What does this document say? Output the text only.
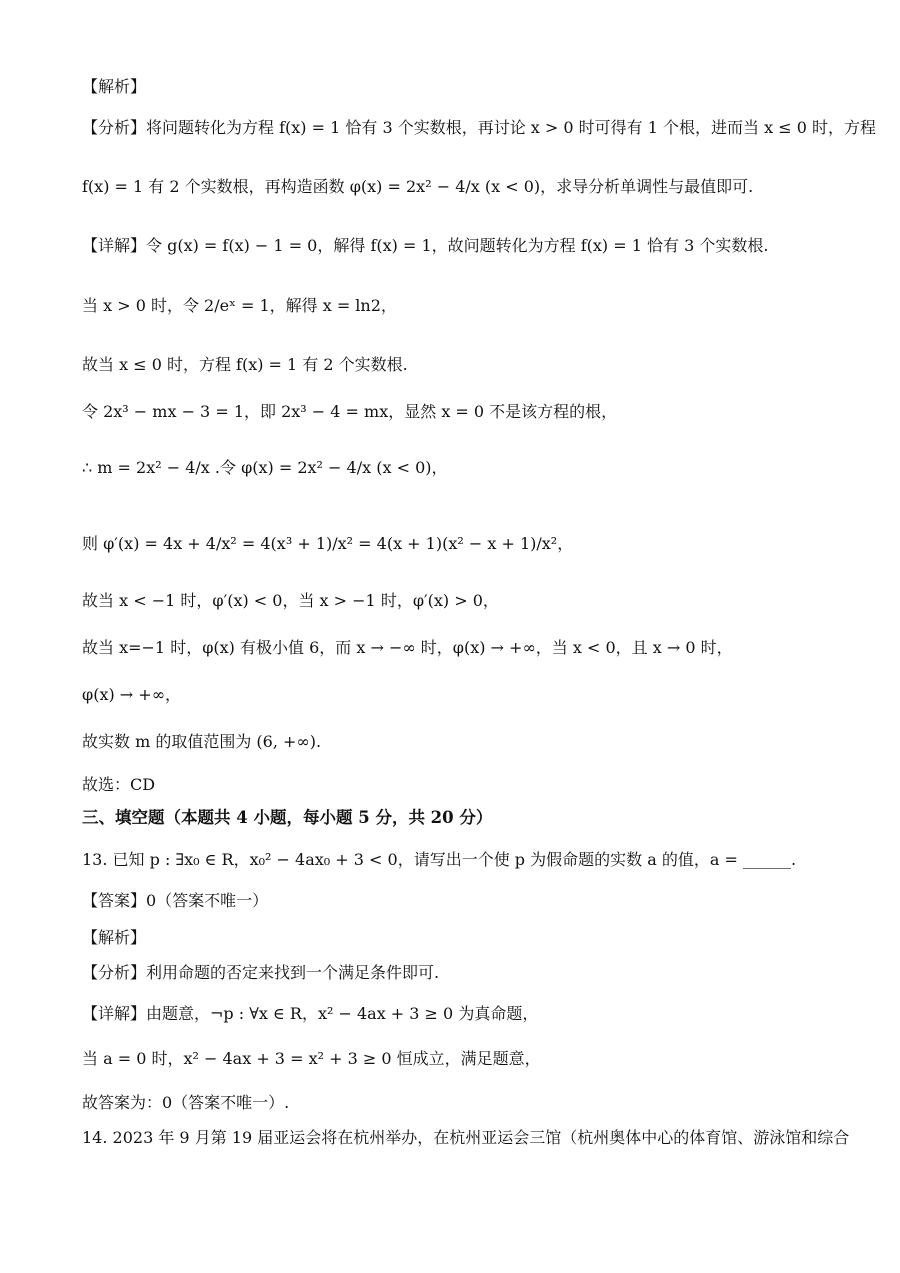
【解析】
【分析】将问题转化为方程 f(x) = 1 恰有 3 个实数根，再讨论 x > 0 时可得有 1 个根，进而当 x ≤ 0 时，方程
f(x) = 1 有 2 个实数根，再构造函数 φ(x) = 2x² − 4/x (x < 0)，求导分析单调性与最值即可.
【详解】令 g(x) = f(x) − 1 = 0，解得 f(x) = 1，故问题转化为方程 f(x) = 1 恰有 3 个实数根.
当 x > 0 时，令 2/eˣ = 1，解得 x = ln2，
故当 x ≤ 0 时，方程 f(x) = 1 有 2 个实数根.
令 2x³ − mx − 3 = 1，即 2x³ − 4 = mx，显然 x = 0 不是该方程的根，
∴ m = 2x² − 4/x .令 φ(x) = 2x² − 4/x (x < 0)，
则 φ′(x) = 4x + 4/x² = 4(x³ + 1)/x² = 4(x + 1)(x² − x + 1)/x²，
故当 x < −1 时，φ′(x) < 0，当 x > −1 时，φ′(x) > 0，
故当 x=−1 时，φ(x) 有极小值 6，而 x → −∞ 时，φ(x) → +∞，当 x < 0，且 x → 0 时，
φ(x) → +∞，
故实数 m 的取值范围为 (6, +∞).
故选：CD
三、填空题（本题共 4 小题，每小题 5 分，共 20 分）
13. 已知 p : ∃x₀ ∈ R，x₀² − 4ax₀ + 3 < 0，请写出一个使 p 为假命题的实数 a 的值，a = ______.
【答案】0（答案不唯一）
【解析】
【分析】利用命题的否定来找到一个满足条件即可.
【详解】由题意，¬p : ∀x ∈ R，x² − 4ax + 3 ≥ 0 为真命题，
当 a = 0 时，x² − 4ax + 3 = x² + 3 ≥ 0 恒成立，满足题意，
故答案为：0（答案不唯一）.
14. 2023 年 9 月第 19 届亚运会将在杭州举办，在杭州亚运会三馆（杭州奥体中心的体育馆、游泳馆和综合
